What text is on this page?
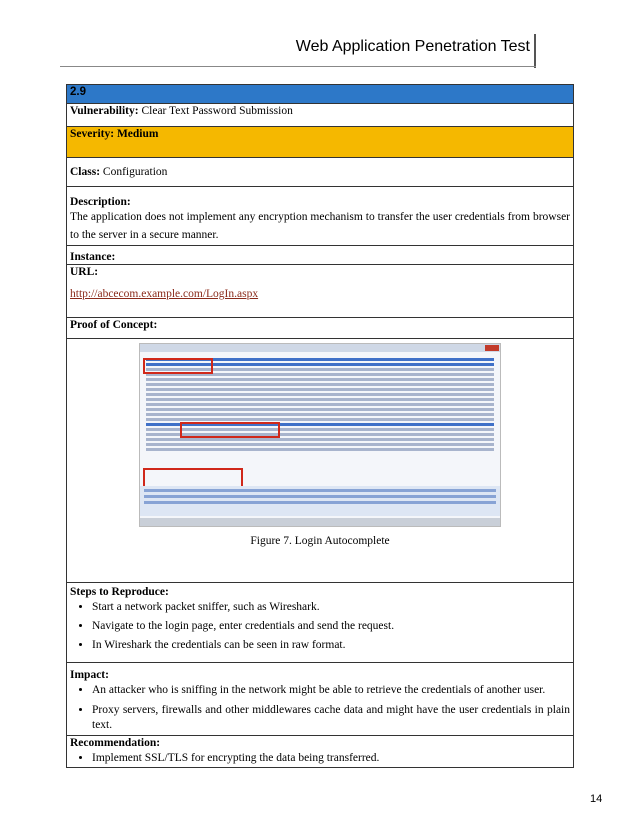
Web Application Penetration Test
2.9
Vulnerability: Clear Text Password Submission
Severity: Medium
Class: Configuration

Description:
The application does not implement any encryption mechanism to transfer the user credentials from browser to the server in a secure manner.

Instance:

URL:
http://abcecom.example.com/LogIn.aspx

Proof of Concept:

Figure 7. Login Autocomplete

Steps to Reproduce:
• Start a network packet sniffer, such as Wireshark.
• Navigate to the login page, enter credentials and send the request.
• In Wireshark the credentials can be seen in raw format.

Impact:
• An attacker who is sniffing in the network might be able to retrieve the credentials of another user.
• Proxy servers, firewalls and other middlewares cache data and might have the user credentials in plain text.

Recommendation:
• Implement SSL/TLS for encrypting the data being transferred.
14
